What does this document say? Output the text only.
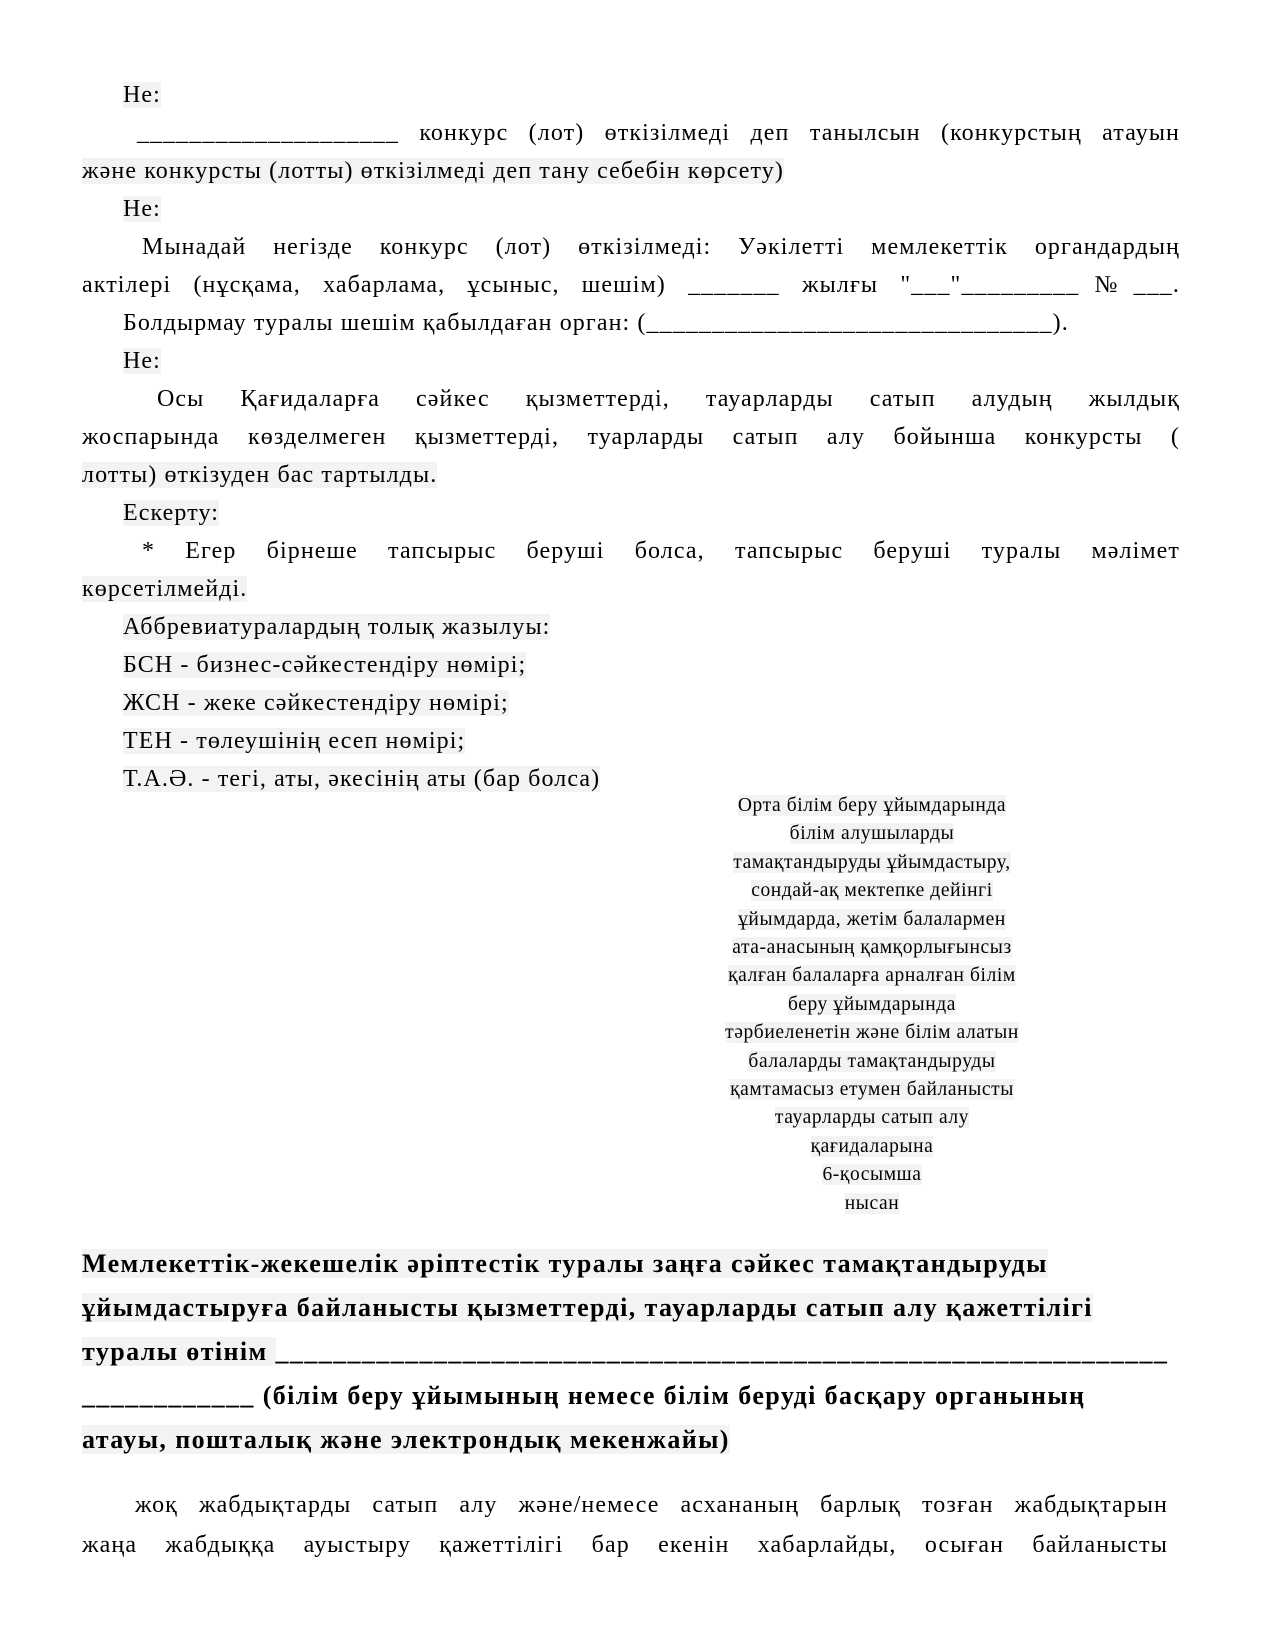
Не:
____________________ конкурс (лот) өткізілмеді деп танылсын (конкурстың атауын
және конкурсты (лотты) өткізілмеді деп тану себебін көрсету)
Не:
Мынадай негізде конкурс (лот) өткізілмеді: Уәкілетті мемлекеттік органдардың
актілері (нұсқама, хабарлама, ұсыныс, шешім) _______ жылғы "___"_________№___.
Болдырмау туралы шешім қабылдаған орган: (_______________________________).
Не:
Осы Қағидаларға сәйкес қызметтерді, тауарларды сатып алудың жылдық
жоспарында көзделмеген қызметтерді, туарларды сатып алу бойынша конкурсты (
лотты) өткізуден бас тартылды.
Ескерту:
* Егер бірнеше тапсырыс беруші болса, тапсырыс беруші туралы мәлімет
көрсетілмейді.
Аббревиатуралардың толық жазылуы:
БСН - бизнес-сәйкестендіру нөмірі;
ЖСН - жеке сәйкестендіру нөмірі;
ТЕН - төлеушінің есеп нөмірі;
Т.А.Ә. - тегі, аты, әкесінің аты (бар болса)
Орта білім беру ұйымдарында
білім алушыларды
тамақтандыруды ұйымдастыру,
сондай-ақ мектепке дейінгі
ұйымдарда, жетім балалармен
ата-анасының қамқорлығынсыз
қалған балаларға арналған білім
беру ұйымдарында
тәрбиеленетін және білім алатын
балаларды тамақтандыруды
қамтамасыз етумен байланысты
тауарларды сатып алу
қағидаларына
6-қосымша
нысан
Мемлекеттік-жекешелік әріптестік туралы заңға сәйкес тамақтандыруды
ұйымдастыруға байланысты қызметтерді, тауарларды сатып алу қажеттілігі
туралы өтінім ______________________________________________________________
____________ (білім беру ұйымының немесе білім беруді басқару органының
атауы, пошталық және электрондық мекенжайы)
жоқ жабдықтарды сатып алу және/немесе асхананың барлық тозған жабдықтарын
жаңа жабдыққа ауыстыру қажеттілігі бар екенін хабарлайды, осыған байланысты
